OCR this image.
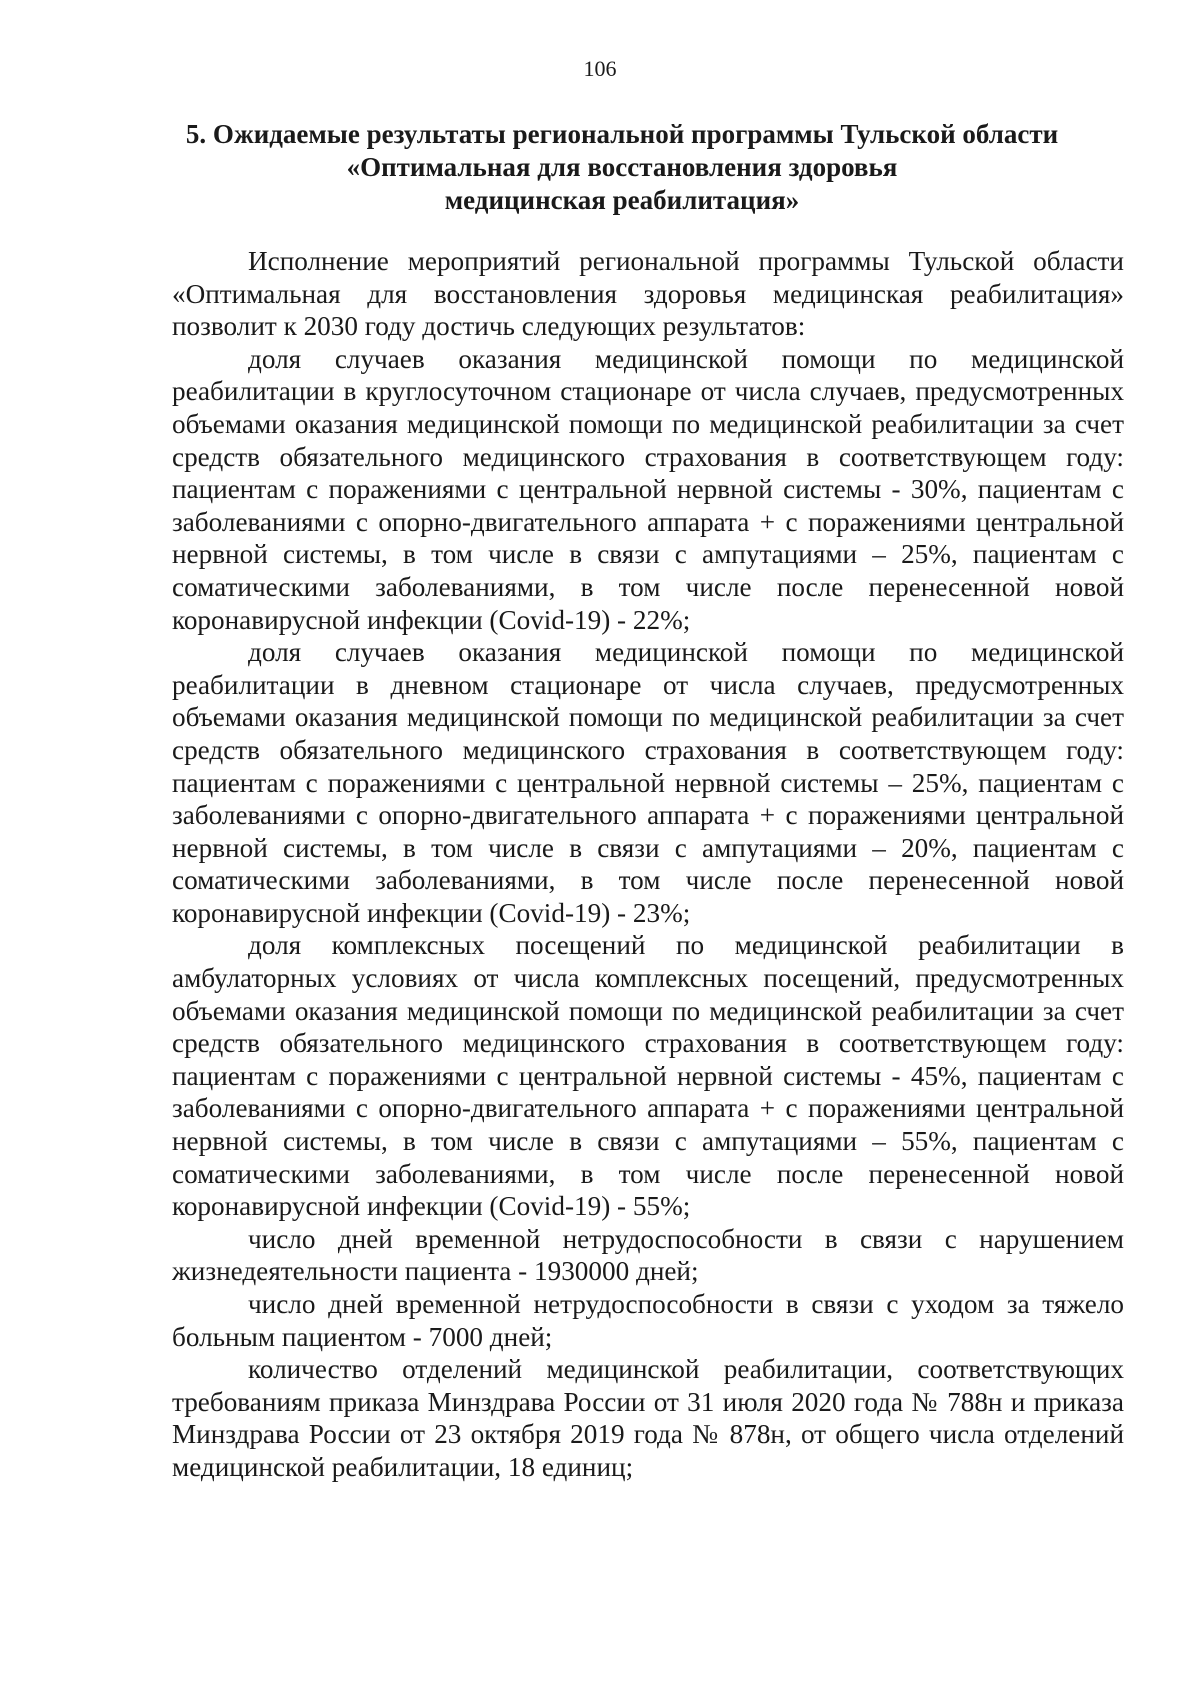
106
5. Ожидаемые результаты региональной программы Тульской области
«Оптимальная для восстановления здоровья
медицинская реабилитация»

Исполнение мероприятий региональной программы Тульской области «Оптимальная для восстановления здоровья медицинская реабилитация» позволит к 2030 году достичь следующих результатов:

доля случаев оказания медицинской помощи по медицинской реабилитации в круглосуточном стационаре от числа случаев, предусмотренных объемами оказания медицинской помощи по медицинской реабилитации за счет средств обязательного медицинского страхования в соответствующем году: пациентам с поражениями с центральной нервной системы - 30%, пациентам с заболеваниями с опорно-двигательного аппарата + с поражениями центральной нервной системы, в том числе в связи с ампутациями – 25%, пациентам с соматическими заболеваниями, в том числе после перенесенной новой коронавирусной инфекции (Covid-19) - 22%;

доля случаев оказания медицинской помощи по медицинской реабилитации в дневном стационаре от числа случаев, предусмотренных объемами оказания медицинской помощи по медицинской реабилитации за счет средств обязательного медицинского страхования в соответствующем году: пациентам с поражениями с центральной нервной системы – 25%, пациентам с заболеваниями с опорно-двигательного аппарата + с поражениями центральной нервной системы, в том числе в связи с ампутациями – 20%, пациентам с соматическими заболеваниями, в том числе после перенесенной новой коронавирусной инфекции (Covid-19) - 23%;

доля комплексных посещений по медицинской реабилитации в амбулаторных условиях от числа комплексных посещений, предусмотренных объемами оказания медицинской помощи по медицинской реабилитации за счет средств обязательного медицинского страхования в соответствующем году: пациентам с поражениями с центральной нервной системы - 45%, пациентам с заболеваниями с опорно-двигательного аппарата + с поражениями центральной нервной системы, в том числе в связи с ампутациями – 55%, пациентам с соматическими заболеваниями, в том числе после перенесенной новой коронавирусной инфекции (Covid-19) - 55%;

число дней временной нетрудоспособности в связи с нарушением жизнедеятельности пациента - 1930000 дней;

число дней временной нетрудоспособности в связи с уходом за тяжело больным пациентом - 7000 дней;

количество отделений медицинской реабилитации, соответствующих требованиям приказа Минздрава России от 31 июля 2020 года № 788н и приказа Минздрава России от 23 октября 2019 года № 878н, от общего числа отделений медицинской реабилитации, 18 единиц;
